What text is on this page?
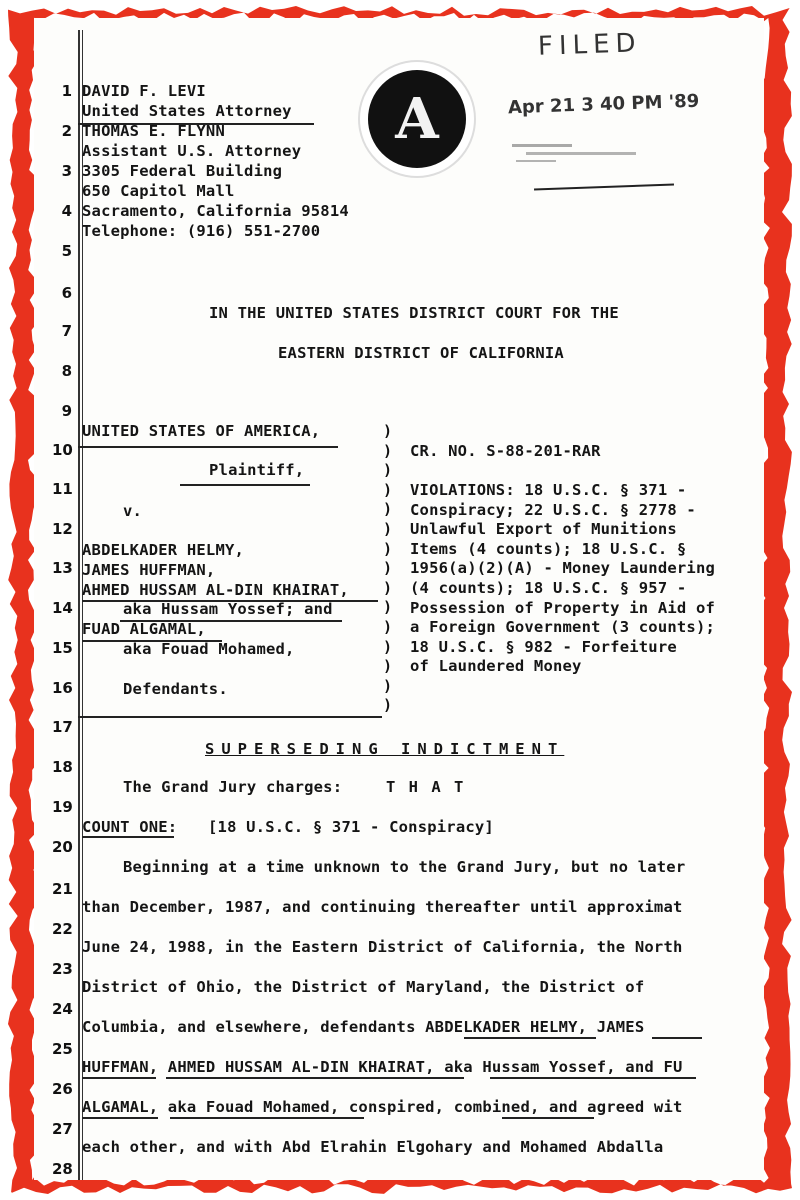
1
2
3
4
5
6
7
8
9
10
11
12
13
14
15
16
17
18
19
20
21
22
23
24
25
26
27
28
DAVID F. LEVI
United States Attorney
THOMAS E. FLYNN
Assistant U.S. Attorney
3305 Federal Building
650 Capitol Mall
Sacramento, California 95814
Telephone: (916) 551-2700
A
FILED
Apr 21 3 40 PM '89
IN THE UNITED STATES DISTRICT COURT FOR THE
EASTERN DISTRICT OF CALIFORNIA
UNITED STATES OF AMERICA,
Plaintiff,
v.
ABDELKADER HELMY,
JAMES HUFFMAN,
AHMED HUSSAM AL-DIN KHAIRAT,
aka Hussam Yossef; and
FUAD ALGAMAL,
aka Fouad Mohamed,
Defendants.
)
)
)
)
)
)
)
)
)
)
)
)
)
)
)
CR. NO. S-88-201-RAR
VIOLATIONS: 18 U.S.C. § 371 -
Conspiracy; 22 U.S.C. § 2778 -
Unlawful Export of Munitions
Items (4 counts); 18 U.S.C. §
1956(a)(2)(A) - Money Laundering
(4 counts); 18 U.S.C. § 957 -
Possession of Property in Aid of
a Foreign Government (3 counts);
18 U.S.C. § 982 - Forfeiture
of Laundered Money
SUPERSEDING INDICTMENT
The Grand Jury charges:	T H A T
COUNT ONE: [18 U.S.C. § 371 - Conspiracy]
Beginning at a time unknown to the Grand Jury, but no later
than December, 1987, and continuing thereafter until approximat
June 24, 1988, in the Eastern District of California, the North
District of Ohio, the District of Maryland, the District of
Columbia, and elsewhere, defendants ABDELKADER HELMY, JAMES
HUFFMAN, AHMED HUSSAM AL-DIN KHAIRAT, aka Hussam Yossef, and FU
ALGAMAL, aka Fouad Mohamed, conspired, combined, and agreed wit
each other, and with Abd Elrahin Elgohary and Mohamed Abdalla
